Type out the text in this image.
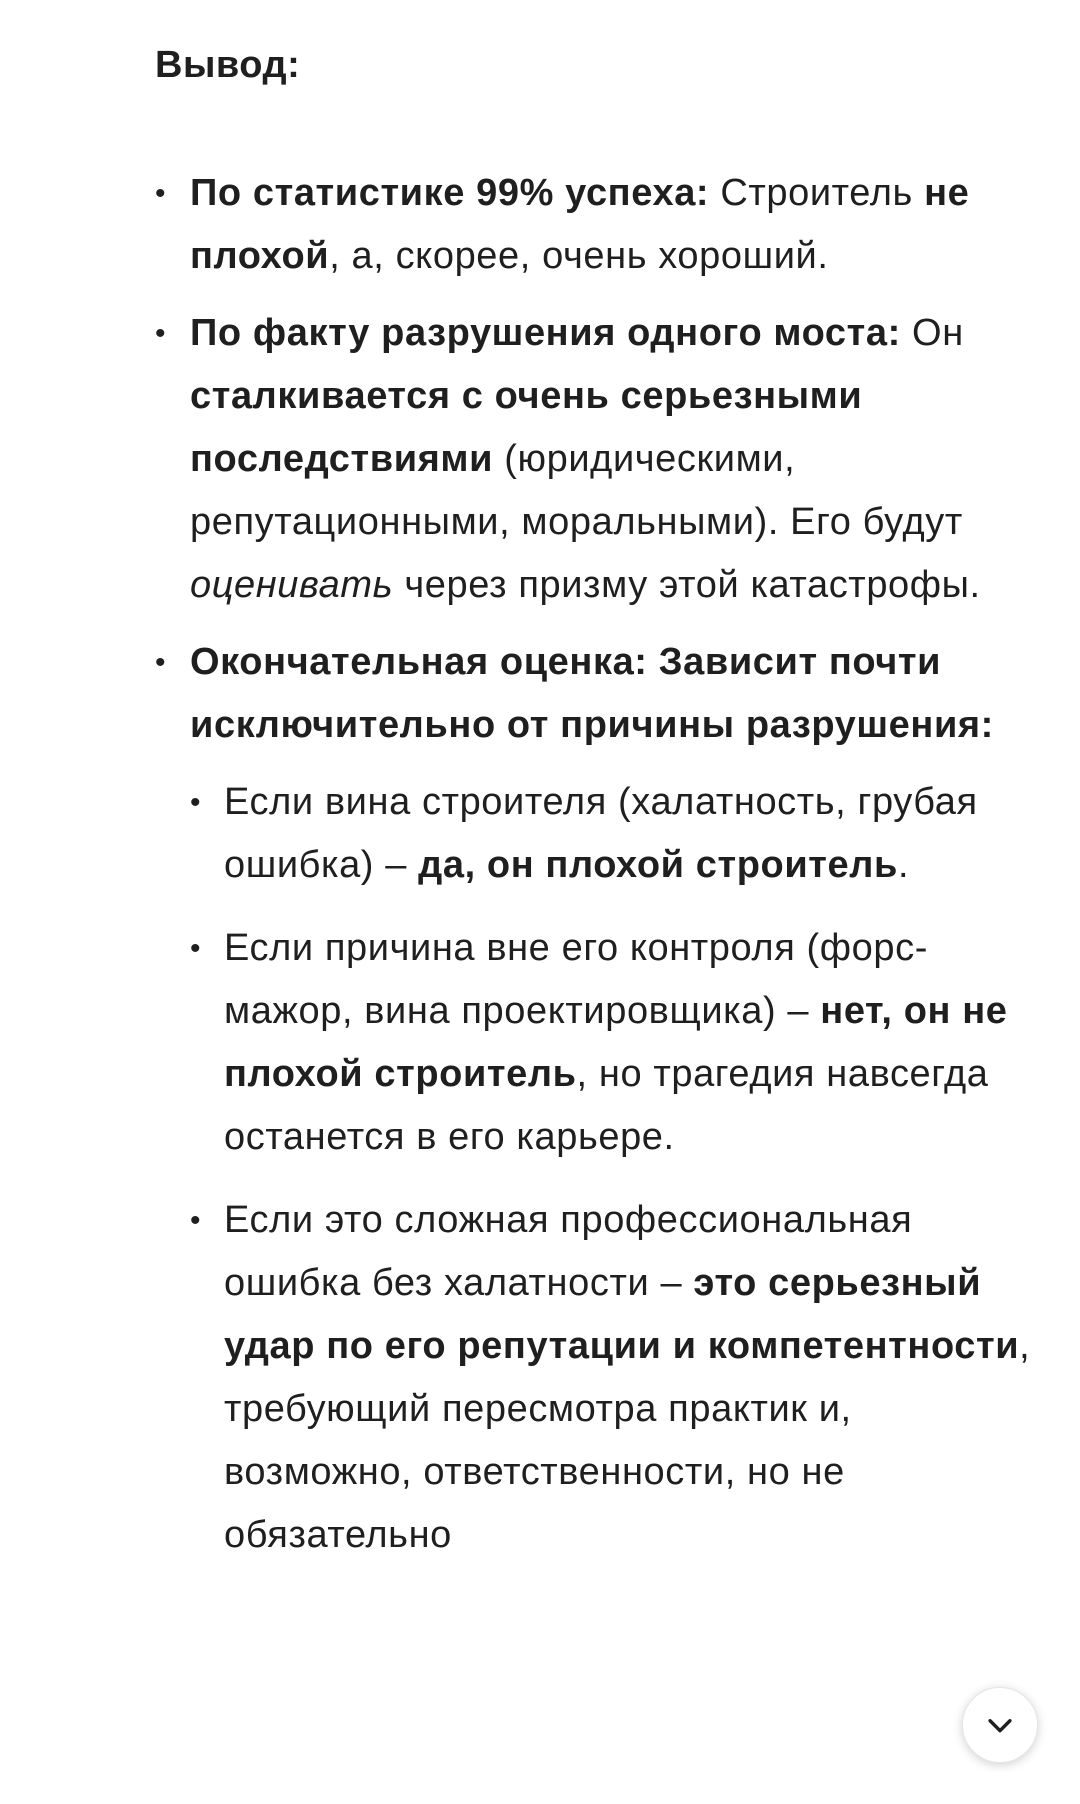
Вывод:
• По статистике 99% успеха: Строитель не плохой, а, скорее, очень хороший.
• По факту разрушения одного моста: Он сталкивается с очень серьезными последствиями (юридическими, репутационными, моральными). Его будут оценивать через призму этой катастрофы.
• Окончательная оценка: Зависит почти исключительно от причины разрушения:
• Если вина строителя (халатность, грубая ошибка) – да, он плохой строитель.
• Если причина вне его контроля (форс-мажор, вина проектировщика) – нет, он не плохой строитель, но трагедия навсегда останется в его карьере.
• Если это сложная профессиональная ошибка без халатности – это серьезный удар по его репутации и компетентности, требующий пересмотра практик и, возможно, ответственности, но не обязательно
